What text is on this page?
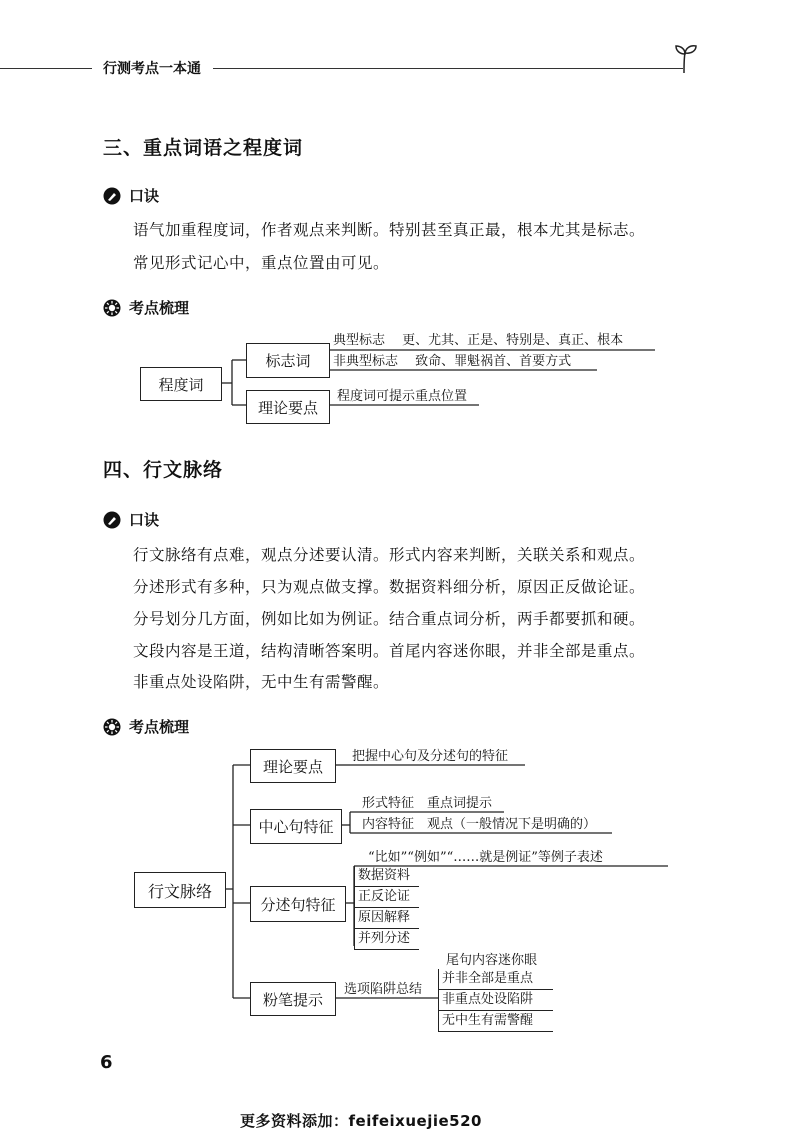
行测考点一本通
三、重点词语之程度词
口诀
语气加重程度词，作者观点来判断。特别甚至真正最，根本尤其是标志。
常见形式记心中，重点位置由可见。
考点梳理
程度词
标志词
理论要点
典型标志　 更、尤其、正是、特别是、真正、根本
非典型标志　 致命、罪魁祸首、首要方式
程度词可提示重点位置
四、行文脉络
口诀
行文脉络有点难，观点分述要认清。形式内容来判断，关联关系和观点。
分述形式有多种，只为观点做支撑。数据资料细分析，原因正反做论证。
分号划分几方面，例如比如为例证。结合重点词分析，两手都要抓和硬。
文段内容是王道，结构清晰答案明。首尾内容迷你眼，并非全部是重点。
非重点处设陷阱，无中生有需警醒。
考点梳理
行文脉络
理论要点
中心句特征
分述句特征
粉笔提示
把握中心句及分述句的特征
形式特征　重点词提示
内容特征　观点（一般情况下是明确的）
“比如”“例如”“……就是例证”等例子表述
数据资料
正反论证
原因解释
并列分述
选项陷阱总结
尾句内容迷你眼
并非全部是重点
非重点处设陷阱
无中生有需警醒
6
更多资料添加：feifeixuejie520
